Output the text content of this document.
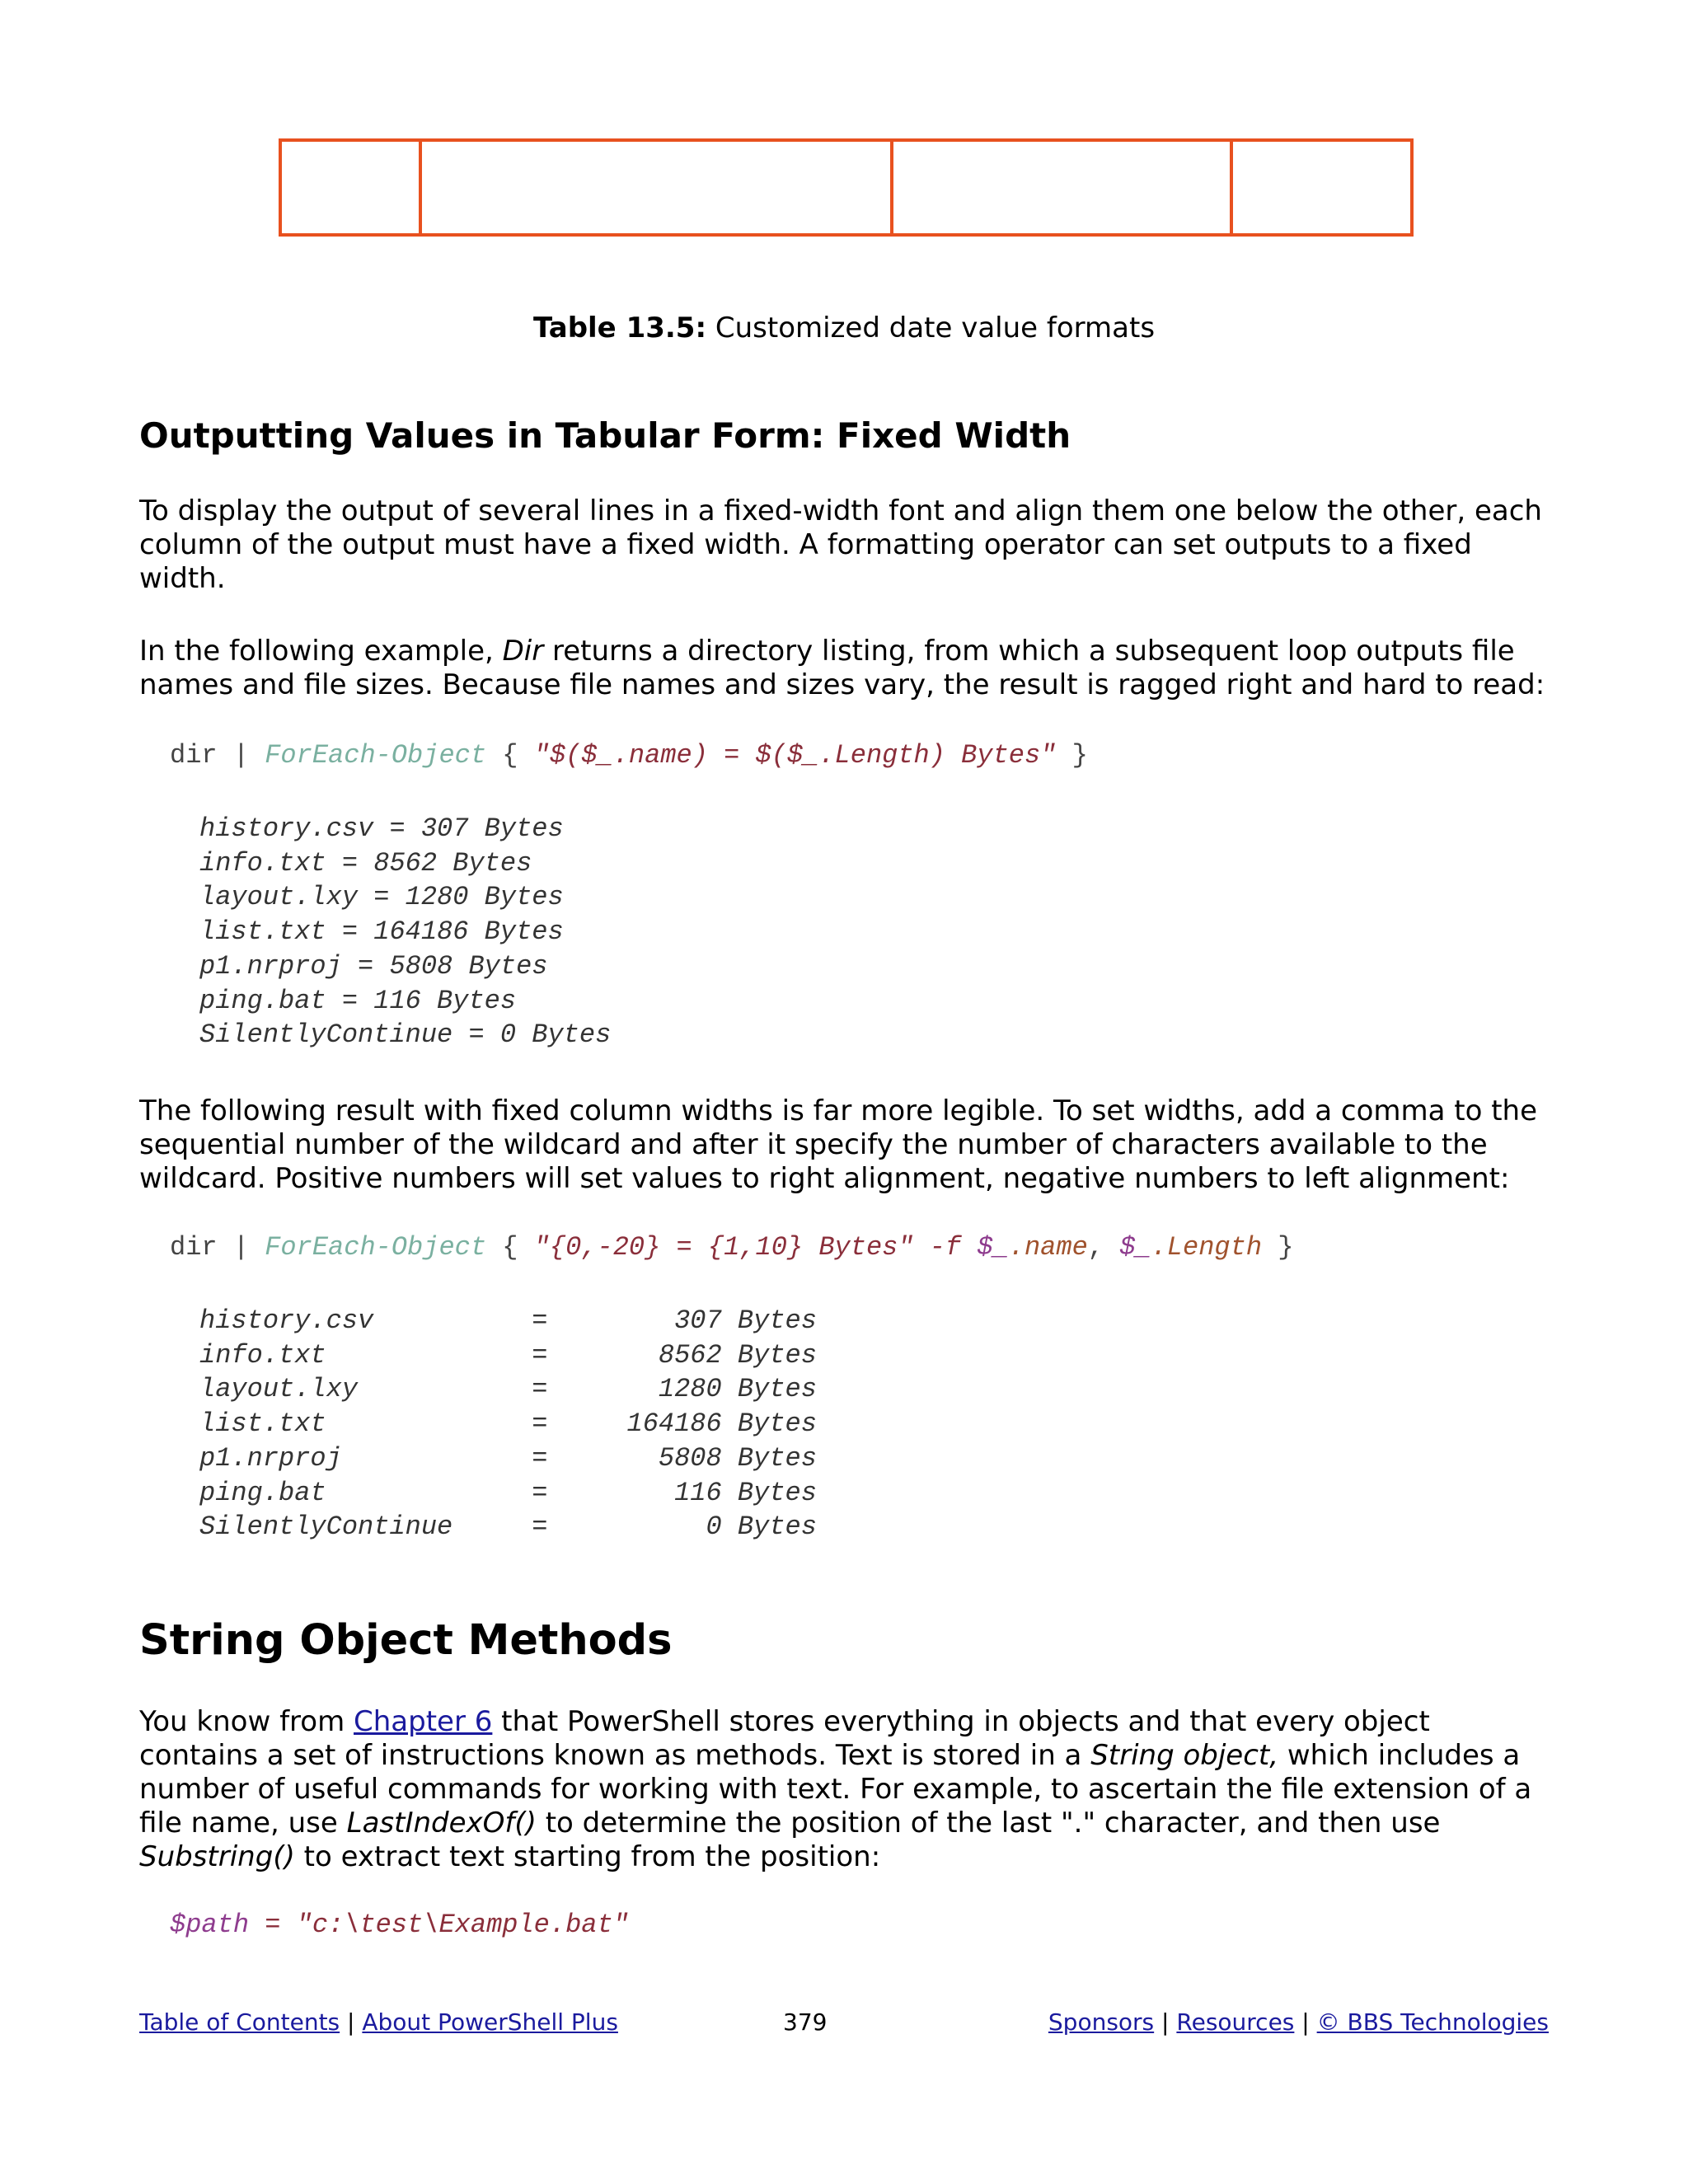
Table 13.5: Customized date value formats
Outputting Values in Tabular Form: Fixed Width

To display the output of several lines in a fixed-width font and align them one below the other, each column of the output must have a fixed width. A formatting operator can set outputs to a fixed width.

In the following example, Dir returns a directory listing, from which a subsequent loop outputs file names and file sizes. Because file names and sizes vary, the result is ragged right and hard to read:

dir | ForEach-Object { "$($_.name) = $($_.Length) Bytes" }
history.csv = 307 Bytes
info.txt = 8562 Bytes
layout.lxy = 1280 Bytes
list.txt = 164186 Bytes
p1.nrproj = 5808 Bytes
ping.bat = 116 Bytes
SilentlyContinue = 0 Bytes

The following result with fixed column widths is far more legible. To set widths, add a comma to the sequential number of the wildcard and after it specify the number of characters available to the wildcard. Positive numbers will set values to right alignment, negative numbers to left alignment:

dir | ForEach-Object { "{0,-20} = {1,10} Bytes" -f $_.name, $_.Length }
history.csv          =        307 Bytes
info.txt             =       8562 Bytes
layout.lxy           =       1280 Bytes
list.txt             =     164186 Bytes
p1.nrproj            =       5808 Bytes
ping.bat             =        116 Bytes
SilentlyContinue     =          0 Bytes
String Object Methods

You know from Chapter 6 that PowerShell stores everything in objects and that every object contains a set of instructions known as methods. Text is stored in a String object, which includes a number of useful commands for working with text. For example, to ascertain the file extension of a file name, use LastIndexOf() to determine the position of the last "." character, and then use Substring() to extract text starting from the position:

$path = "c:\test\Example.bat"
Table of Contents | About PowerShell Plus	379	Sponsors | Resources | © BBS Technologies
